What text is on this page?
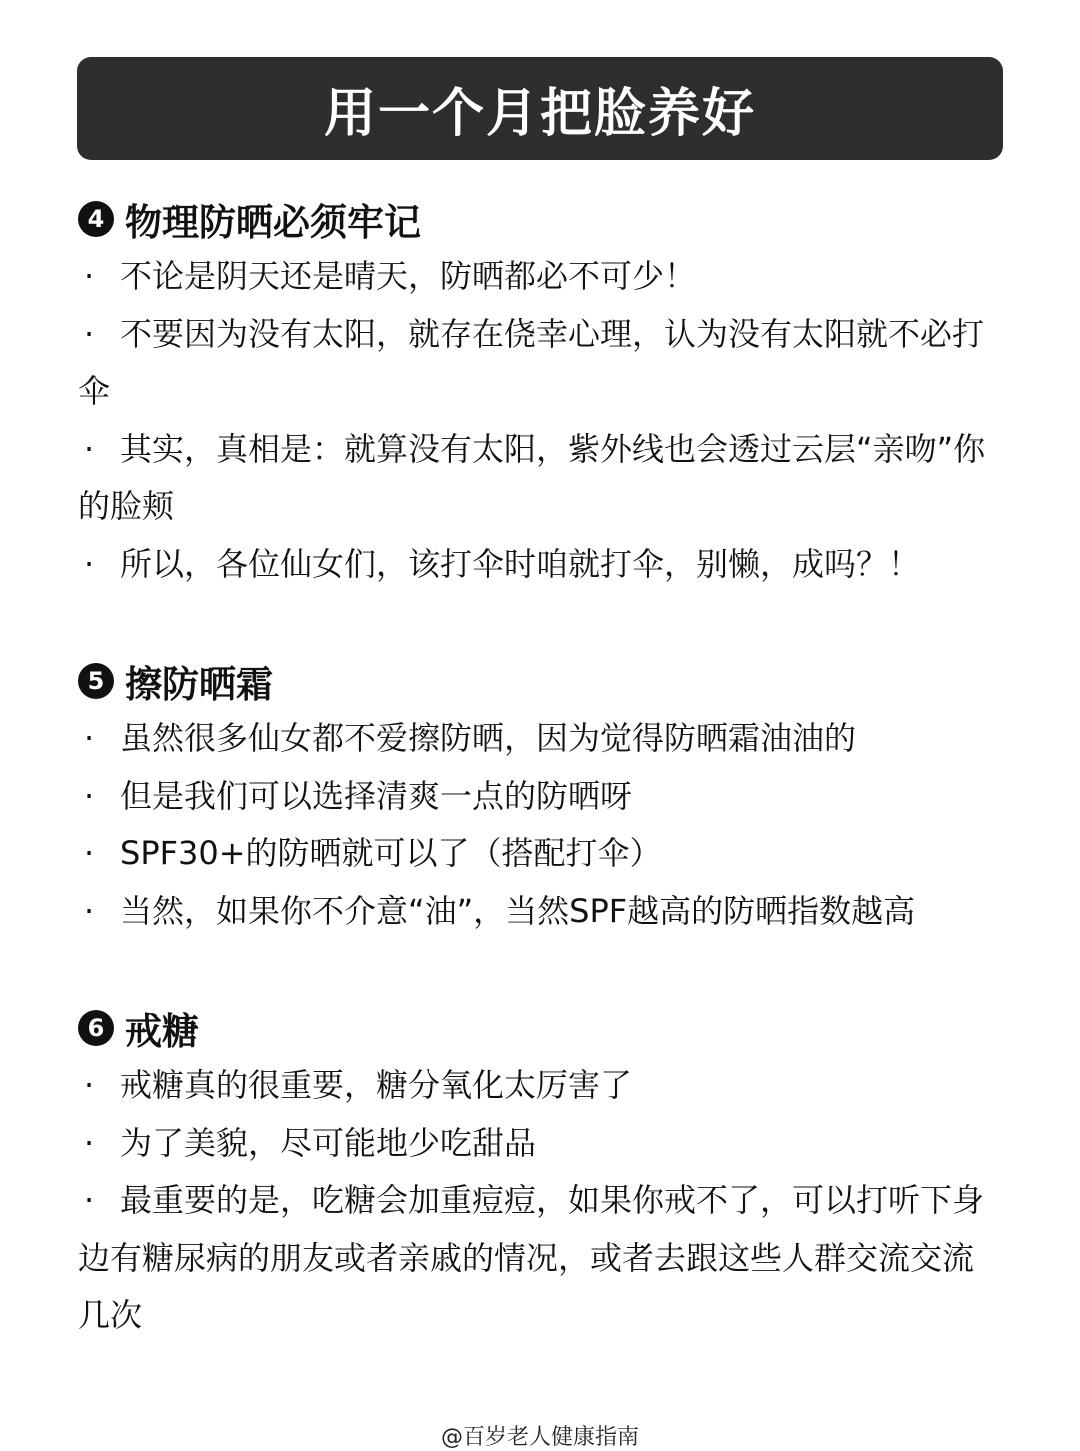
用一个月把脸养好
4 物理防晒必须牢记
· 不论是阴天还是晴天，防晒都必不可少！
· 不要因为没有太阳，就存在侥幸心理，认为没有太阳就不必打伞
· 其实，真相是：就算没有太阳，紫外线也会透过云层“亲吻”你的脸颊
· 所以，各位仙女们，该打伞时咱就打伞，别懒，成吗？！
5 擦防晒霜
· 虽然很多仙女都不爱擦防晒，因为觉得防晒霜油油的
· 但是我们可以选择清爽一点的防晒呀
· SPF30+的防晒就可以了（搭配打伞）
· 当然，如果你不介意“油”，当然SPF越高的防晒指数越高
6 戒糖
· 戒糖真的很重要，糖分氧化太厉害了
· 为了美貌，尽可能地少吃甜品
· 最重要的是，吃糖会加重痘痘，如果你戒不了，可以打听下身边有糖尿病的朋友或者亲戚的情况，或者去跟这些人群交流交流几次
@百岁老人健康指南
